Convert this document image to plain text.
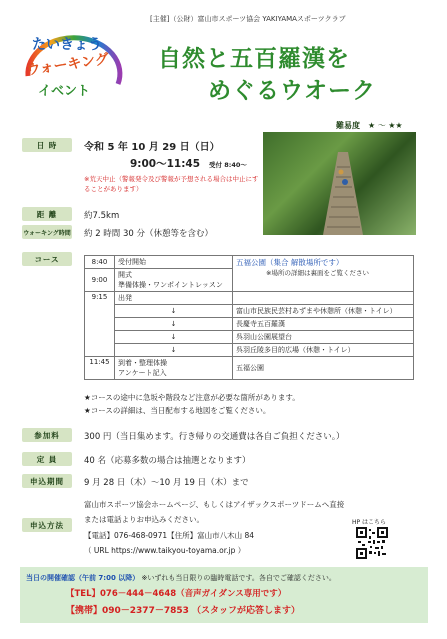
[主催]（公財）富山市スポーツ協会 YAKIYAMAスポーツクラブ
たいきょう
ウォーキング
イベント
自然と五百羅漢を
めぐるウオーク
難易度 ★ ～ ★★
日 時	令和 5 年 10 月 29 日（日）
9:00～11:45 受付 8:40～
※荒天中止（警報発令及び警報が予想される場合は中止にすることがあります）
距 離	約7.5km
ウォーキング時間 約 2 時間 30 分（休憩等を含む）
コース	8:40	受付開始	五福公園（集合 解散場所です）
※場所の詳細は裏面をご覧ください

9:00	開式
準備体操・ワンポイントレッスン	

9:15	出発	
	↓	富山市民族民芸村あずまや休憩所（休憩・トイレ）
	↓	長慶寺五百羅漢
	↓	呉羽山公園展望台
	↓	呉羽丘陵多目的広場（休憩・トイレ）
11:45	到着・整理体操
アンケート記入	五福公園
★コースの途中に急坂や階段など注意が必要な箇所があります。
★コースの詳細は、当日配布する地図をご覧ください。
参加料	300 円（当日集めます。行き帰りの交通費は各自ご負担ください。）
定 員	40 名（応募多数の場合は抽選となります）
申込期間	9 月 28 日（木）～10 月 19 日（木）まで
申込方法
富山市スポーツ協会ホームページ、もしくはアイザックスポーツドームへ直接
または電話よりお申込みください。
【電話】076-468-0971【住所】富山市八木山 84
（ URL https://www.taikyou-toyama.or.jp ）
HP はこちら
当日の開催確認（午前 7:00 以降） ※いずれも当日限りの臨時電話です。各自でご確認ください。
【TEL】076－444－4648（音声ガイダンス専用です）
【携帯】090－2377－7853 （スタッフが応答します）
